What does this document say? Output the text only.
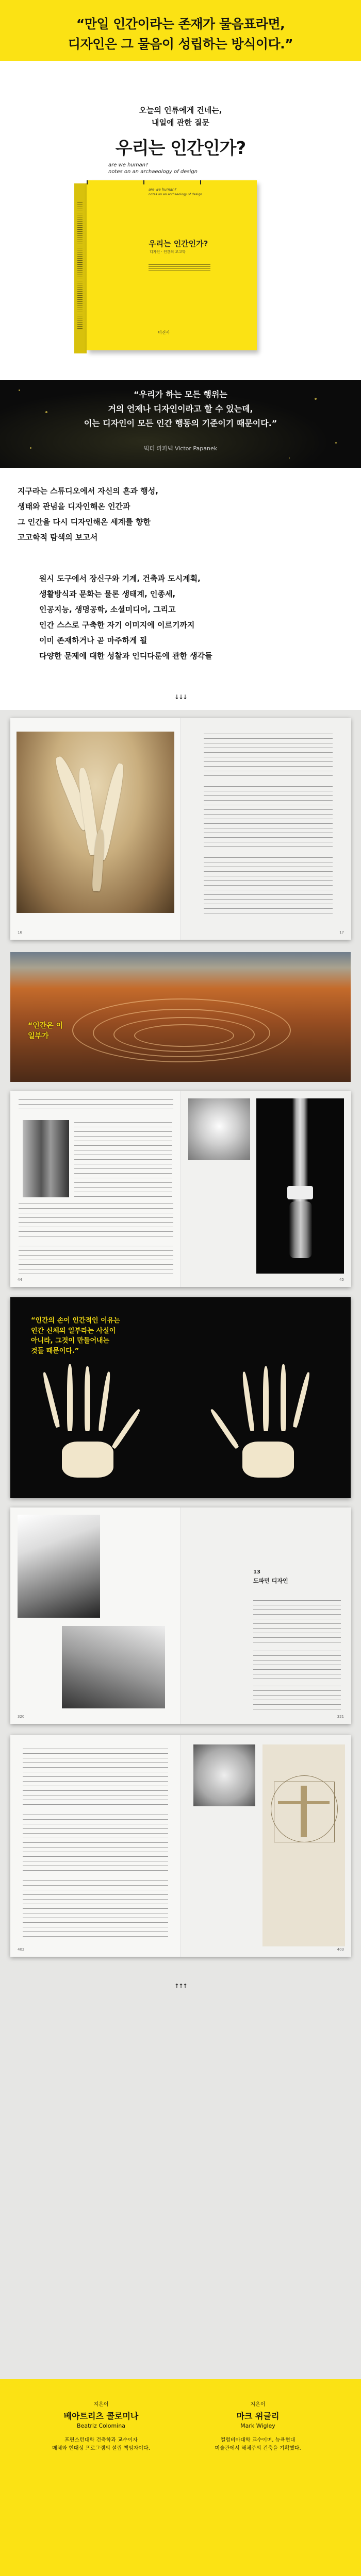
“만일 인간이라는 존재가 물음표라면,
디자인은 그 물음이 성립하는 방식이다.”
오늘의 인류에게 건네는,
내일에 관한 질문
우리는 인간인가?
are we human?
notes on an archaeology of design
are we human?
notes on an archaeology of design
우리는 인간인가?
디자인 · 인간의 고고학
미진사
“우리가 하는 모든 행위는
거의 언제나 디자인이라고 할 수 있는데,
이는 디자인이 모든 인간 행동의 기준이기 때문이다.”
빅터 파파넥 Victor Papanek
지구라는 스튜디오에서 자신의 흔과 행성,
생태와 관념을 디자인해온 인간과
그 인간을 다시 디자인해온 세계를 향한
고고학적 탐색의 보고서
원시 도구에서 장신구와 기계, 건축과 도시계획,
생활방식과 문화는 물론 생태계, 인종세,
인공지능, 생명공학, 소셜미디어, 그리고
인간 스스로 구축한 자기 이미지에 이르기까지
이미 존재하거나 곧 마주하게 될
다양한 문제에 대한 성찰과 인디다룬에 관한 생각들
↓↓↓
16	17
“인간은 이
일부가
44	45
“인간의 손이 인간적인 이유는
인간 신체의 일부라는 사실이
아니라, 그것이 만들어내는
것들 때문이다.”
320
13
도파민 디자인
321
402	403
↑↑↑
지은이
베아트리츠 콜로미나
Beatriz Colomina
프린스턴대학 건축학과 교수이자
매체와 현대성 프로그램의 설립 책임자이다.
지은이
마크 위글리
Mark Wigley
컬럼비아대학 교수이며, 뉴욕현대
미술관에서 해체주의 건축을 기획했다.
